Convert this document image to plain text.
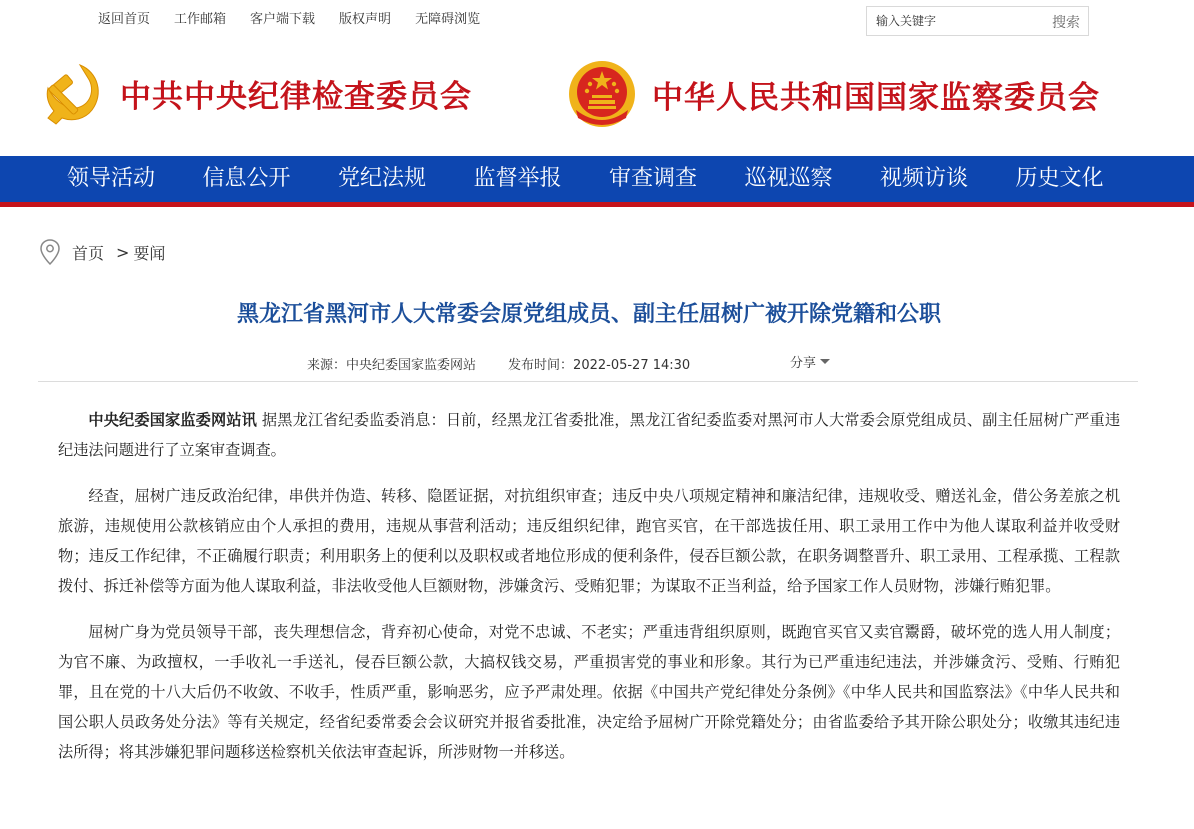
返回首页 工作邮箱 客户端下载 版权声明 无障碍浏览
输入关键字	搜索
中共中央纪律检查委员会	中华人民共和国国家监察委员会
领导活动	信息公开	党纪法规	监督举报	审查调查	巡视巡察	视频访谈	历史文化
首页 > 要闻
黑龙江省黑河市人大常委会原党组成员、副主任屈树广被开除党籍和公职
来源：中央纪委国家监委网站 发布时间：2022-05-27 14:30	分享

中央纪委国家监委网站讯 据黑龙江省纪委监委消息：日前，经黑龙江省委批准，黑龙江省纪委监委对黑河市人大常委会原党组成员、副主任屈树广严重违纪违法问题进行了立案审查调查。

经查，屈树广违反政治纪律，串供并伪造、转移、隐匿证据，对抗组织审查；违反中央八项规定精神和廉洁纪律，违规收受、赠送礼金，借公务差旅之机旅游，违规使用公款核销应由个人承担的费用，违规从事营利活动；违反组织纪律，跑官买官，在干部选拔任用、职工录用工作中为他人谋取利益并收受财物；违反工作纪律，不正确履行职责；利用职务上的便利以及职权或者地位形成的便利条件，侵吞巨额公款，在职务调整晋升、职工录用、工程承揽、工程款拨付、拆迁补偿等方面为他人谋取利益，非法收受他人巨额财物，涉嫌贪污、受贿犯罪；为谋取不正当利益，给予国家工作人员财物，涉嫌行贿犯罪。

屈树广身为党员领导干部，丧失理想信念，背弃初心使命，对党不忠诚、不老实；严重违背组织原则，既跑官买官又卖官鬻爵，破坏党的选人用人制度；为官不廉、为政擅权，一手收礼一手送礼，侵吞巨额公款，大搞权钱交易，严重损害党的事业和形象。其行为已严重违纪违法，并涉嫌贪污、受贿、行贿犯罪，且在党的十八大后仍不收敛、不收手，性质严重，影响恶劣，应予严肃处理。依据《中国共产党纪律处分条例》《中华人民共和国监察法》《中华人民共和国公职人员政务处分法》等有关规定，经省纪委常委会会议研究并报省委批准，决定给予屈树广开除党籍处分；由省监委给予其开除公职处分；收缴其违纪违法所得；将其涉嫌犯罪问题移送检察机关依法审查起诉，所涉财物一并移送。
